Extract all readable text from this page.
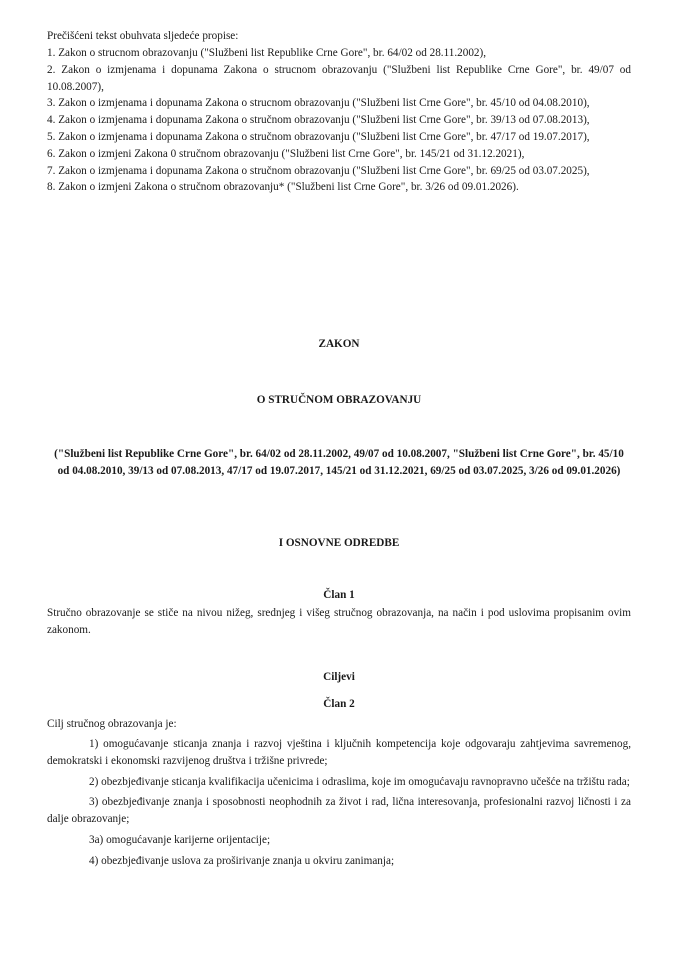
Prečišćeni tekst obuhvata sljedeće propise:

1. Zakon o strucnom obrazovanju ("Službeni list Republike Crne Gore", br. 64/02 od 28.11.2002),

2. Zakon o izmjenama i dopunama Zakona o strucnom obrazovanju ("Službeni list Republike Crne Gore", br. 49/07 od 10.08.2007),

3. Zakon o izmjenama i dopunama Zakona o strucnom obrazovanju ("Službeni list Crne Gore", br. 45/10 od 04.08.2010),

4. Zakon o izmjenama i dopunama Zakona o stručnom obrazovanju ("Službeni list Crne Gore", br. 39/13 od 07.08.2013),

5. Zakon o izmjenama i dopunama Zakona o stručnom obrazovanju ("Službeni list Crne Gore", br. 47/17 od 19.07.2017),

6. Zakon o izmjeni Zakona 0 stručnom obrazovanju ("Službeni list Crne Gore", br. 145/21 od 31.12.2021),

7. Zakon o izmjenama i dopunama Zakona o stručnom obrazovanju ("Službeni list Crne Gore", br. 69/25 od 03.07.2025),

8. Zakon o izmjeni Zakona o stručnom obrazovanju* ("Službeni list Crne Gore", br. 3/26 od 09.01.2026).

ZAKON

O STRUČNOM OBRAZOVANJU

("Službeni list Republike Crne Gore", br. 64/02 od 28.11.2002, 49/07 od 10.08.2007, "Službeni list Crne Gore", br. 45/10 od 04.08.2010, 39/13 od 07.08.2013, 47/17 od 19.07.2017, 145/21 od 31.12.2021, 69/25 od 03.07.2025, 3/26 od 09.01.2026)

I OSNOVNE ODREDBE

Član 1

Stručno obrazovanje se stiče na nivou nižeg, srednjeg i višeg stručnog obrazovanja, na način i pod uslovima propisanim ovim zakonom.

Ciljevi

Član 2

Cilj stručnog obrazovanja je:

1) omogućavanje sticanja znanja i razvoj vještina i ključnih kompetencija koje odgovaraju zahtjevima savremenog, demokratski i ekonomski razvijenog društva i tržišne privrede;

2) obezbjeđivanje sticanja kvalifikacija učenicima i odraslima, koje im omogućavaju ravnopravno učešće na tržištu rada;

3) obezbjeđivanje znanja i sposobnosti neophodnih za život i rad, lična interesovanja, profesionalni razvoj ličnosti i za dalje obrazovanje;

3a) omogućavanje karijerne orijentacije;

4) obezbjeđivanje uslova za proširivanje znanja u okviru zanimanja;
